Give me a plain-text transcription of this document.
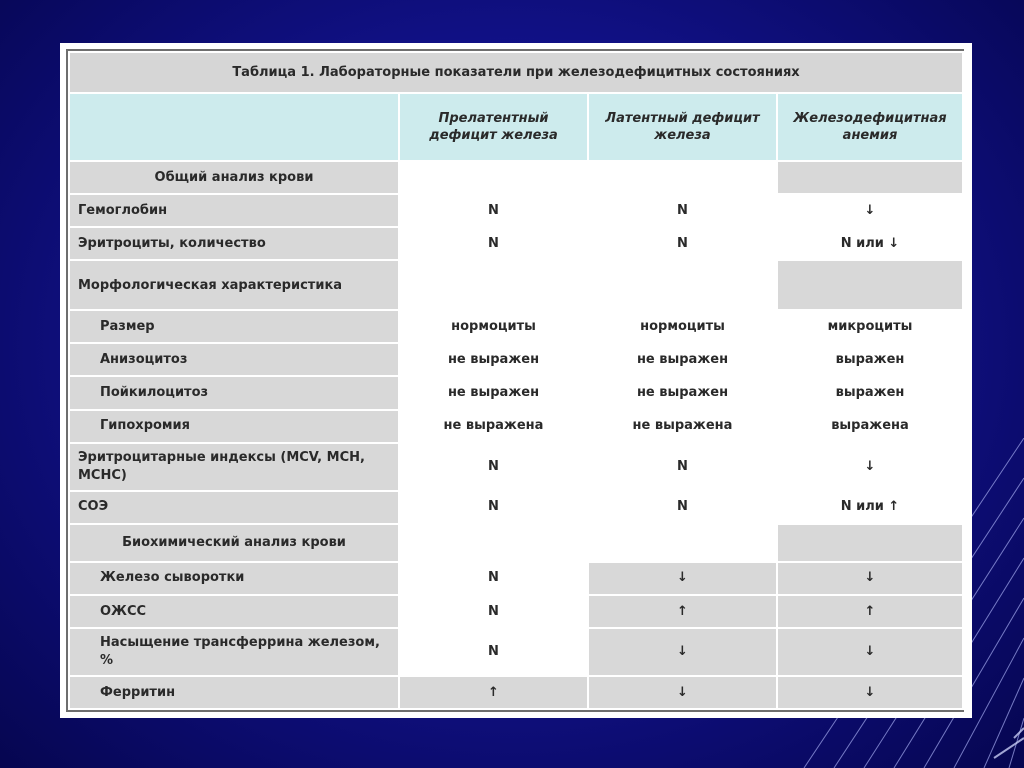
Таблица 1. Лабораторные показатели при железодефицитных состояниях			
	Прелатентный дефицит железа	Латентный дефицит железа	Железодефицитная анемия
Общий анализ крови			
Гемоглобин	N	N	↓
Эритроциты, количество	N	N	N или ↓
Морфологическая характеристика			
Размер	нормоциты	нормоциты	микроциты
Анизоцитоз	не выражен	не выражен	выражен
Пойкилоцитоз	не выражен	не выражен	выражен
Гипохромия	не выражена	не выражена	выражена
Эритроцитарные индексы (MCV, MCH, MCHC)	N	N	↓
СОЭ	N	N	N или ↑
Биохимический анализ крови			
Железо сыворотки	N	↓	↓
ОЖСС	N	↑	↑
Насыщение трансферрина железом, %	N	↓	↓
Ферритин	↑	↓	↓
